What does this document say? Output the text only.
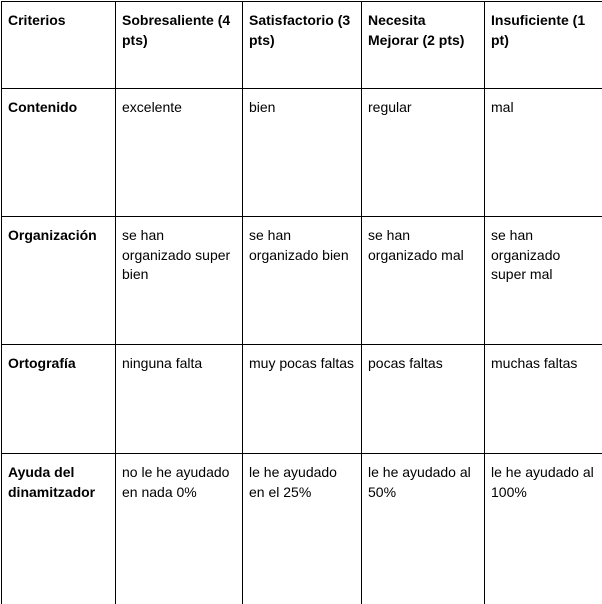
Criterios	Sobresaliente (4 pts)	Satisfactorio (3 pts)	Necesita Mejorar (2 pts)	Insuficiente (1 pt)
Contenido	excelente	bien	regular	mal
Organización	se han organizado super bien	se han organizado bien	se han organizado mal	se han organizado super mal
Ortografía	ninguna falta	muy pocas faltas	pocas faltas	muchas faltas
Ayuda del dinamitzador	no le he ayudado en nada 0%	le he ayudado en el 25%	le he ayudado al 50%	le he ayudado al 100%
